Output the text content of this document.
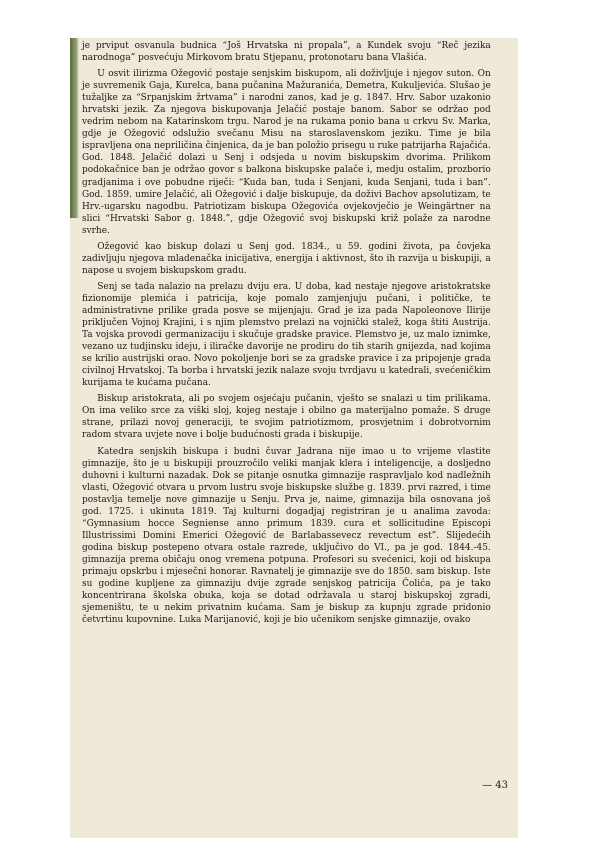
je prviput osvanula budnica “Još Hrvatska ni propala”, a Kundek svoju “Reč jezika narodnoga” posvećuju Mirkovom bratu Stjepanu, protonotaru bana Vlašića.

U osvit ilirizma Ožegović postaje senjskim biskupom, ali doživljuje i njegov suton. On je suvremenik Gaja, Kurelca, bana pučanina Mažuranića, Demetra, Kukuljevića. Slušao je tužaljke za “Srpanjskim žrtvama” i narodni zanos, kad je g. 1847. Hrv. Sabor uzakonio hrvatski jezik. Za njegova biskupovanja Jelačić postaje banom. Sabor se održao pod vedrim nebom na Katarinskom trgu. Narod je na rukama ponio bana u crkvu Sv. Marka, gdje je Ožegović odslužio svečanu Misu na staroslavenskom jeziku. Time je bila ispravljena ona nepriličina činjenica, da je ban položio prisegu u ruke patrijarha Rajačića. God. 1848. Jelačić dolazi u Senj i odsjeda u novim biskupskim dvorima. Prilikom podokačnice ban je održao govor s balkona biskupske palače i, medju ostalim, prozborio gradjanima i ove pobudne riječi: “Kuda ban, tuda i Senjani, kuda Senjani, tuda i ban”. God. 1859. umire Jelačić, ali Ožegović i dalje biskupuje, da doživi Bachov apsolutizam, te Hrv.-ugarsku nagodbu. Patriotizam biskupa Ožegovića ovjekovječio je Weingärtner na slici “Hrvatski Sabor g. 1848.”, gdje Ožegović svoj biskupski križ polaže za narodne svrhe.

Ožegović kao biskup dolazi u Senj god. 1834., u 59. godini života, pa čovjeka zadivljuju njegova mladenačka inicijativa, energija i aktivnost, što ih razvija u biskupiji, a napose u svojem biskupskom gradu.

Senj se tada nalazio na prelazu dviju era. U doba, kad nestaje njegove aristokratske fizionomije plemića i patricija, koje pomalo zamjenjuju pučani, i političke, te administrativne prilike grada posve se mijenjaju. Grad je iza pada Napoleonove Ilirije priključen Vojnoj Krajini, i s njim plemstvo prelazi na vojnički stalež, koga štiti Austrija. Ta vojska provodi germanizaciju i skučuje gradske pravice. Plemstvo je, uz malo iznimke, vezano uz tudjinsku ideju, i iliračke davorije ne prodiru do tih starih gnijezda, nad kojima se krilio austrijski orao. Novo pokoljenje bori se za gradske pravice i za pripojenje grada civilnoj Hrvatskoj. Ta borba i hrvatski jezik nalaze svoju tvrdjavu u katedrali, svećeničkim kurijama te kućama pučana.

Biskup aristokrata, ali po svojem osjećaju pučanin, vješto se snalazi u tim prilikama. On ima veliko srce za viški sloj, kojeg nestaje i obilno ga materijalno pomaže. S druge strane, prilazi novoj generaciji, te svojim patriotizmom, prosvjetnim i dobrotvornim radom stvara uvjete nove i bolje budućnosti grada i biskupije.

Katedra senjskih biskupa i budni čuvar Jadrana nije imao u to vrijeme vlastite gimnazije, što je u biskupiji prouzročilo veliki manjak klera i inteligencije, a dosljedno duhovni i kulturni nazadak. Dok se pitanje osnutka gimnazije raspravljalo kod nadležnih vlasti, Ožegović otvara u prvom lustru svoje biskupske službe g. 1839. prvi razred, i time postavlja temelje nove gimnazije u Senju. Prva je, naime, gimnazija bila osnovana još god. 1725. i ukinuta 1819. Taj kulturni dogadjaj registriran je u analima zavoda: “Gymnasium hocce Segniense anno primum 1839. cura et sollicitudine Episcopi Illustrissimi Domini Emerici Ožegović de Barlabassevecz revectum est”. Slijedećih godina biskup postepeno otvara ostale razrede, uključivo do VI., pa je god. 1844.-45. gimnazija prema običaju onog vremena potpuna. Profesori su svećenici, koji od biskupa primaju opskrbu i mjesečni honorar. Ravnatelj je gimnazije sve do 1850. sam biskup. Iste su godine kupljene za gimnaziju dvije zgrade senjskog patricija Čolića, pa je tako koncentrirana školska obuka, koja se dotad održavala u staroj biskupskoj zgradi, sjemeništu, te u nekim privatnim kućama. Sam je biskup za kupnju zgrade pridonio četvrtinu kupovnine. Luka Marijanović, koji je bio učenikom senjske gimnazije, ovako

— 43
